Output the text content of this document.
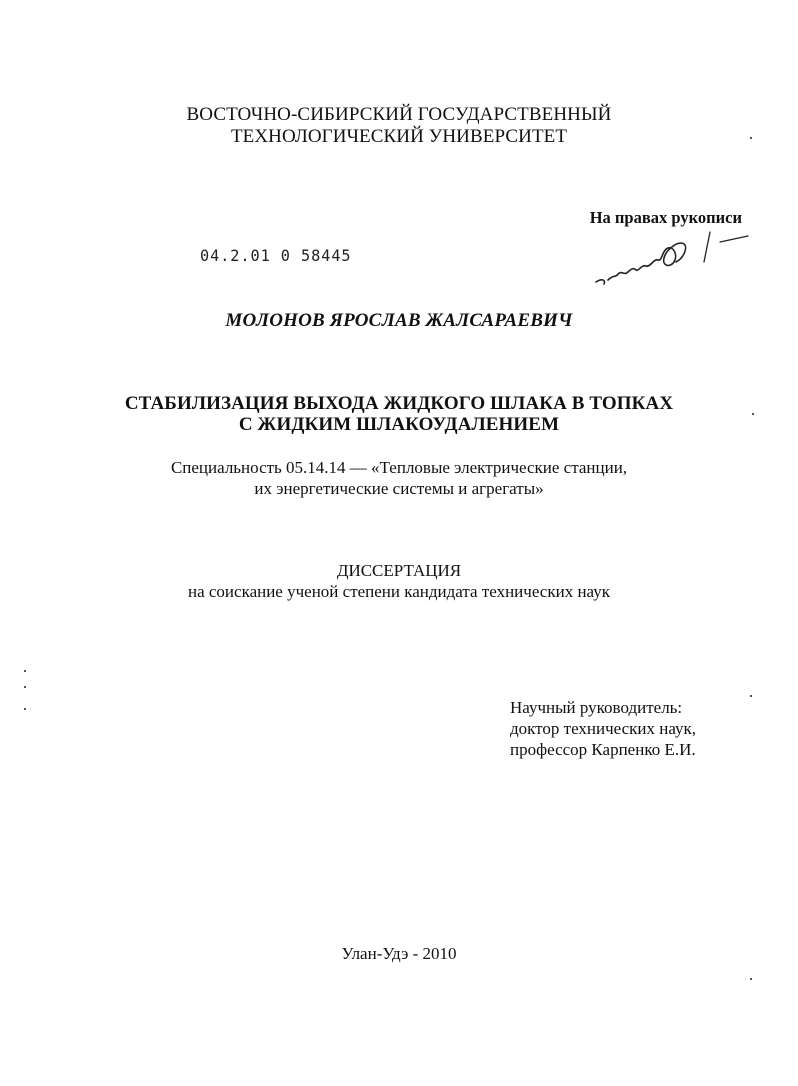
ВОСТОЧНО-СИБИРСКИЙ ГОСУДАРСТВЕННЫЙ
ТЕХНОЛОГИЧЕСКИЙ УНИВЕРСИТЕТ
На правах рукописи
04.2.01 0 58445
МОЛОНОВ ЯРОСЛАВ ЖАЛСАРАЕВИЧ
СТАБИЛИЗАЦИЯ ВЫХОДА ЖИДКОГО ШЛАКА В ТОПКАХ
С ЖИДКИМ ШЛАКОУДАЛЕНИЕМ
Специальность 05.14.14 — «Тепловые электрические станции,
их энергетические системы и агрегаты»
ДИССЕРТАЦИЯ
на соискание ученой степени кандидата технических наук
Научный руководитель:
доктор технических наук,
профессор Карпенко Е.И.
Улан-Удэ - 2010
